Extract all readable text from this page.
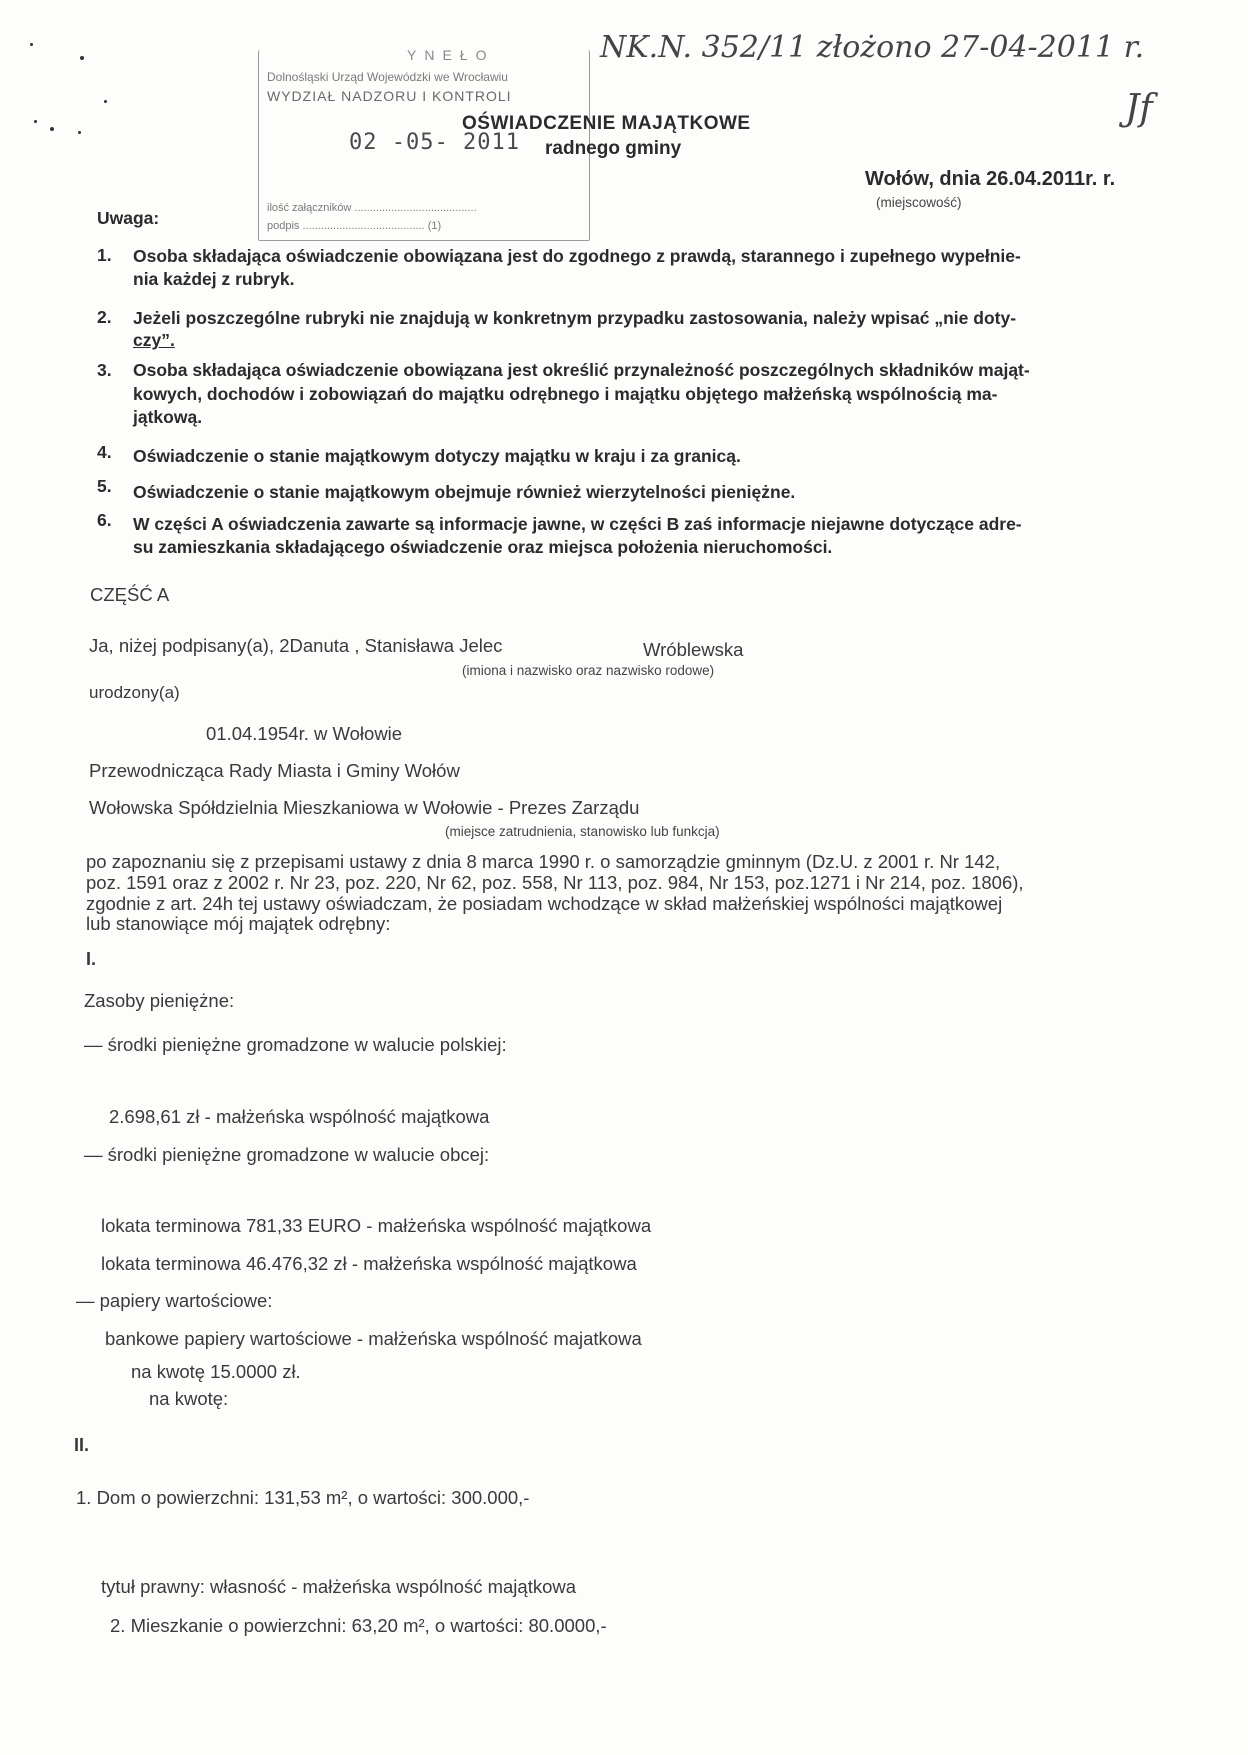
YNEŁO
Dolnośląski Urząd Wojewódzki we Wrocławiu
WYDZIAŁ NADZORU I KONTROLI
02 -05- 2011
ilość załączników ........................................
podpis ........................................ (1)
NK.N. 352/11 złożono 27-04-2011 r.
Jf
OŚWIADCZENIE MAJĄTKOWE
radnego gminy
Wołów, dnia 26.04.2011r. r.
(miejscowość)
Uwaga:
1. Osoba składająca oświadczenie obowiązana jest do zgodnego z prawdą, starannego i zupełnego wypełnie-
nia każdej z rubryk.
2. Jeżeli poszczególne rubryki nie znajdują w konkretnym przypadku zastosowania, należy wpisać „nie doty-
czy”.
3. Osoba składająca oświadczenie obowiązana jest określić przynależność poszczególnych składników mająt-
kowych, dochodów i zobowiązań do majątku odrębnego i majątku objętego małżeńską wspólnością ma-
jątkową.
4. Oświadczenie o stanie majątkowym dotyczy majątku w kraju i za granicą.
5. Oświadczenie o stanie majątkowym obejmuje również wierzytelności pieniężne.
6. W części A oświadczenia zawarte są informacje jawne, w części B zaś informacje niejawne dotyczące adre-
su zamieszkania składającego oświadczenie oraz miejsca położenia nieruchomości.
CZĘŚĆ A
Ja, niżej podpisany(a), 2Danuta , Stanisława Jelec	Wróblewska
(imiona i nazwisko oraz nazwisko rodowe)
urodzony(a)
01.04.1954r. w Wołowie
Przewodnicząca Rady Miasta i Gminy Wołów
Wołowska Spółdzielnia Mieszkaniowa w Wołowie - Prezes Zarządu
(miejsce zatrudnienia, stanowisko lub funkcja)
po zapoznaniu się z przepisami ustawy z dnia 8 marca 1990 r. o samorządzie gminnym (Dz.U. z 2001 r. Nr 142,
poz. 1591 oraz z 2002 r. Nr 23, poz. 220, Nr 62, poz. 558, Nr 113, poz. 984, Nr 153, poz.1271 i Nr 214, poz. 1806),
zgodnie z art. 24h tej ustawy oświadczam, że posiadam wchodzące w skład małżeńskiej wspólności majątkowej
lub stanowiące mój majątek odrębny:
I.
Zasoby pieniężne:
— środki pieniężne gromadzone w walucie polskiej:
2.698,61 zł - małżeńska wspólność majątkowa
— środki pieniężne gromadzone w walucie obcej:
lokata terminowa 781,33 EURO - małżeńska wspólność majątkowa
lokata terminowa 46.476,32 zł - małżeńska wspólność majątkowa
— papiery wartościowe:
bankowe papiery wartościowe - małżeńska wspólność majatkowa
na kwotę 15.0000 zł.
na kwotę:
II.
1. Dom o powierzchni: 131,53 m², o wartości: 300.000,-
tytuł prawny: własność - małżeńska wspólność majątkowa
2. Mieszkanie o powierzchni: 63,20 m², o wartości: 80.0000,-
